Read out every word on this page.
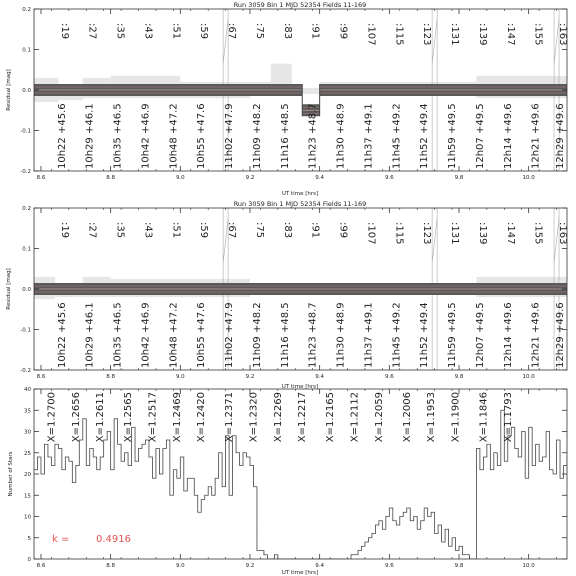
Run 3059 Bin 1 MJD 52354 Fields 11-169
:19 :27 :35 :43 :51 :59 :67 :75 :83 :91 :99 :107 :115 :123 :131 :139 :147 :155 :163
10h22 +45.6 10h29 +46.1 10h35 +46.5 10h42 +46.9 10h48 +47.2 10h55 +47.6 11h02 +47.9 11h09 +48.2 11h16 +48.5 11h23 +48.7 11h30 +48.9 11h37 +49.1 11h45 +49.2 11h52 +49.4 11h59 +49.5 12h07 +49.5 12h14 +49.6 12h21 +49.6 12h29 +49.6
8.6	8.8	9.0	9.2	9.4	9.6	9.8	10.0
-0.2
-0.1
0.0
0.1
0.2
Residual [mag]
UT time [hrs]
Run 3059 Bin 1 MJD 52354 Fields 11-169
:19 :27 :35 :43 :51 :59 :67 :75 :83 :91 :99 :107 :115 :123 :131 :139 :147 :155 :163
10h22 +45.6 10h29 +46.1 10h35 +46.5 10h42 +46.9 10h48 +47.2 10h55 +47.6 11h02 +47.9 11h09 +48.2 11h16 +48.5 11h23 +48.7 11h30 +48.9 11h37 +49.1 11h45 +49.2 11h52 +49.4 11h59 +49.5 12h07 +49.5 12h14 +49.6 12h21 +49.6 12h29 +49.6
8.6	8.8	9.0	9.2	9.4	9.6	9.8	10.0
-0.2
-0.1
0.0
0.1
0.2
Residual [mag]
UT time [hrs]
X=1.2700 X=1.2656 X=1.2611 X=1.2565 X=1.2517 X=1.2469 X=1.2420 X=1.2371 X=1.2320 X=1.2269 X=1.2217 X=1.2165 X=1.2112 X=1.2059 X=1.2006 X=1.1953 X=1.1900 X=1.1846 X=1.1793
8.6	8.8	9.0	9.2	9.4	9.6	9.8	10.0
0
5
10
15
20
25
30
35
40
k =	0.4916
Number of Stars
UT time [hrs]
